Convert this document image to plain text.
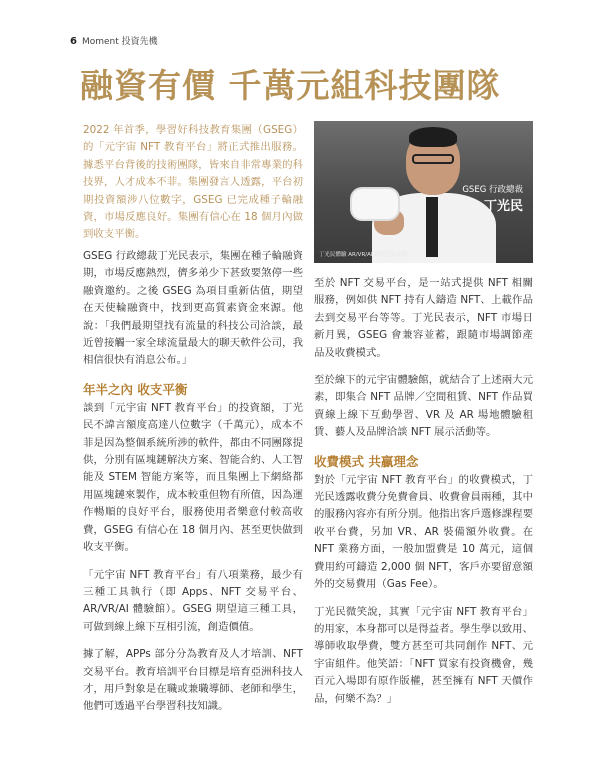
6 Moment 投資先機
融資有價 千萬元組科技團隊
2022 年首季，學習好科技教育集團（GSEG）的「元宇宙 NFT 教育平台」將正式推出服務。據悉平台背後的技術團隊，皆來自非常專業的科技界，人才成本不菲。集團發言人透露，平台初期投資額涉八位數字，GSEG 已完成種子輪融資，市場反應良好。集團有信心在 18 個月內做到收支平衡。
GSEG 行政總裁
丁光民
丁光民體驗 AR/VR/AI 科技延展業務。

GSEG 行政總裁丁光民表示，集團在種子輪融資期，市場反應熱烈，儕多弟少下甚致要煞停一些融資邀約。之後 GSEG 為項目重新估值，期望在天使輪融資中，找到更高質素資金來源。他說：「我們最期望找有流量的科技公司洽談，最近曾接觸一家全球流量最大的聊天軟件公司，我相信很快有消息公布。」

年半之內 收支平衡

談到「元宇宙 NFT 教育平台」的投資額，丁光民不諱言額度高達八位數字（千萬元），成本不菲是因為整個系統所涉的軟件，都由不同團隊提供，分別有區塊鏈解決方案、智能合約、人工智能及 STEM 智能方案等，而且集團上下網絡都用區塊鏈來製作，成本較重但物有所值，因為運作暢順的良好平台，服務使用者樂意付較高收費，GSEG 有信心在 18 個月內、甚至更快做到收支平衡。

「元宇宙 NFT 教育平台」有八項業務，最少有三種工具執行（即 Apps、NFT 交易平台、AR/VR/AI 體驗館）。GSEG 期望這三種工具，可做到線上線下互相引流，創造價值。

據了解，APPs 部分分為教育及人才培訓、NFT 交易平台。教育培訓平台目標是培育亞洲科技人才，用戶對象是在職或兼職導師、老師和學生，他們可透過平台學習科技知識。

至於 NFT 交易平台，是一站式提供 NFT 相關服務，例如供 NFT 持有人鑄造 NFT、上載作品去到交易平台等等。丁光民表示，NFT 市場日新月異，GSEG 會兼容並蓄，跟隨市場調節產品及收費模式。

至於線下的元宇宙體驗館，就結合了上述兩大元素，即集合 NFT 品牌／空間租賃、NFT 作品買賣線上線下互動學習、VR 及 AR 場地體驗租賃、藝人及品牌洽談 NFT 展示活動等。

收費模式 共贏理念

對於「元宇宙 NFT 教育平台」的收費模式，丁光民透露收費分免費會員、收費會員兩種，其中的服務內容亦有所分別。他指出客戶選修課程要收平台費，另加 VR、AR 裝備額外收費。在 NFT 業務方面，一般加盟費是 10 萬元，這個費用約可鑄造 2,000 個 NFT，客戶亦要留意額外的交易費用（Gas Fee）。

丁光民微笑說，其實「元宇宙 NFT 教育平台」的用家，本身都可以是得益者。學生學以致用、導師收取學費，雙方甚至可共同創作 NFT、元宇宙組件。他笑語：「NFT 買家有投資機會，幾百元入場即有原作版權，甚至擁有 NFT 天價作品，何樂不為？」
